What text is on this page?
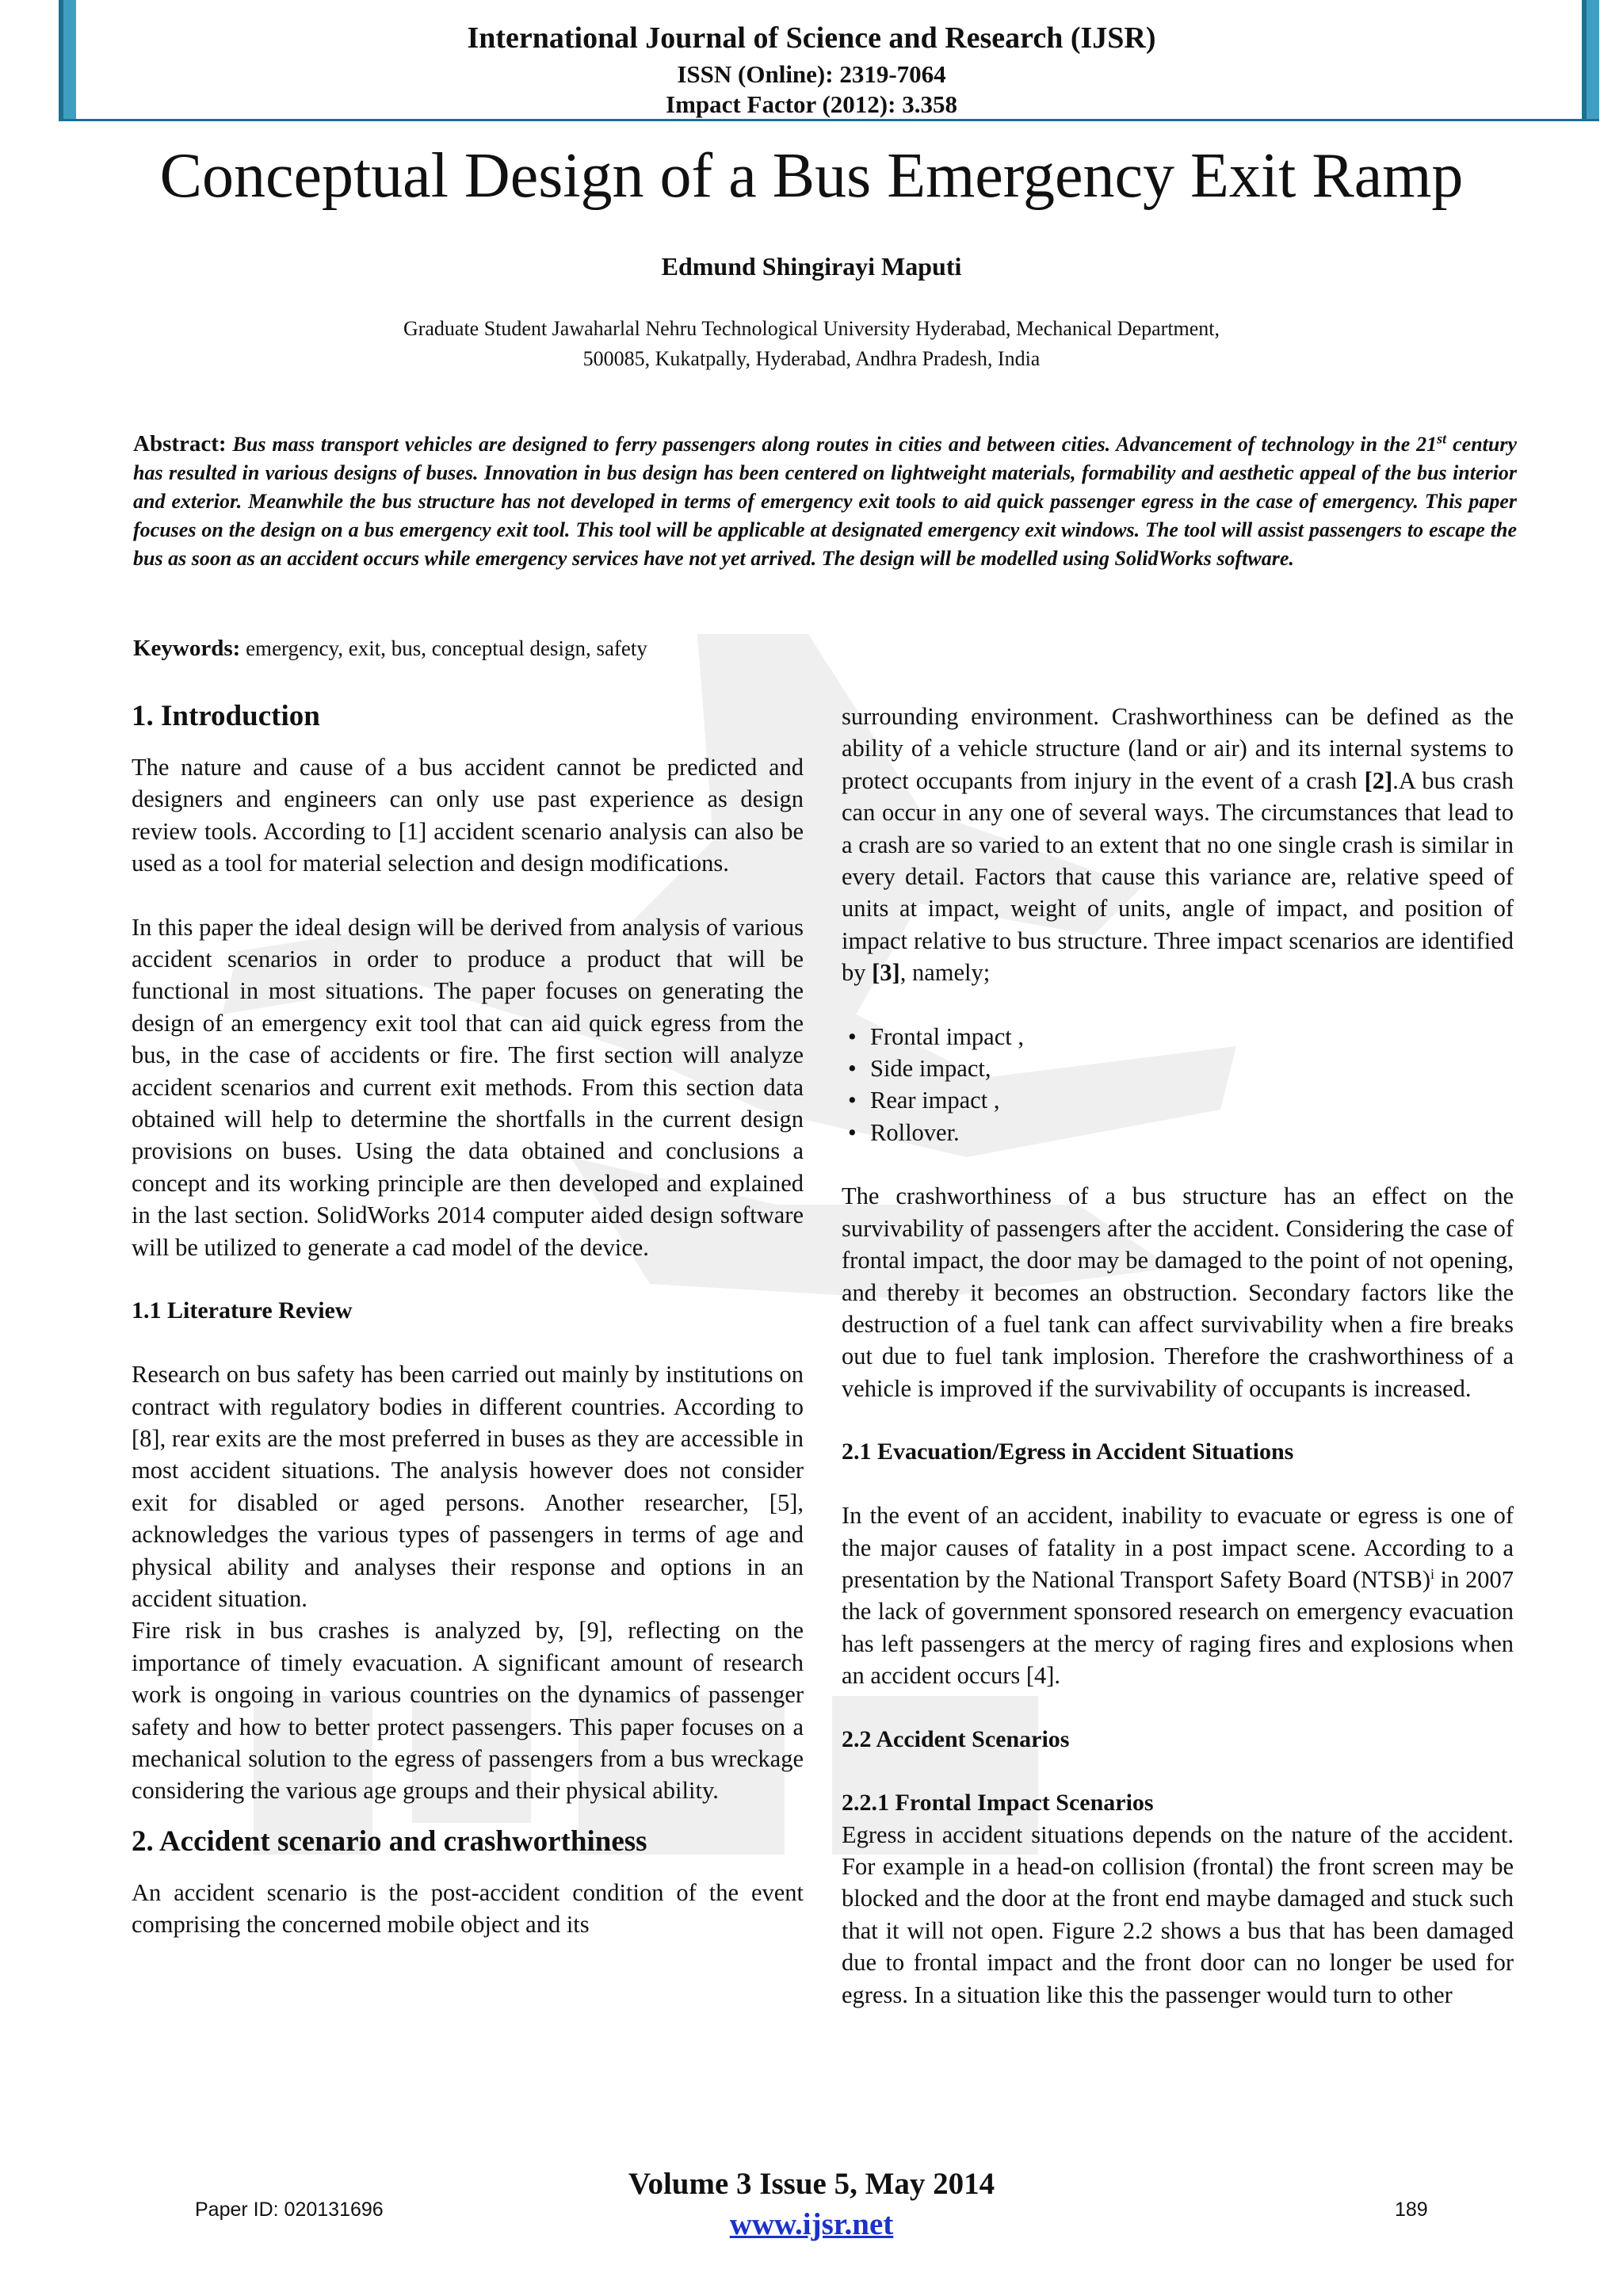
International Journal of Science and Research (IJSR)
ISSN (Online): 2319-7064
Impact Factor (2012): 3.358
Conceptual Design of a Bus Emergency Exit Ramp
Edmund Shingirayi Maputi
Graduate Student Jawaharlal Nehru Technological University Hyderabad, Mechanical Department,
500085, Kukatpally, Hyderabad, Andhra Pradesh, India
Abstract: Bus mass transport vehicles are designed to ferry passengers along routes in cities and between cities. Advancement of technology in the 21st century has resulted in various designs of buses. Innovation in bus design has been centered on lightweight materials, formability and aesthetic appeal of the bus interior and exterior. Meanwhile the bus structure has not developed in terms of emergency exit tools to aid quick passenger egress in the case of emergency. This paper focuses on the design on a bus emergency exit tool. This tool will be applicable at designated emergency exit windows. The tool will assist passengers to escape the bus as soon as an accident occurs while emergency services have not yet arrived. The design will be modelled using SolidWorks software.
Keywords: emergency, exit, bus, conceptual design, safety
1. Introduction

The nature and cause of a bus accident cannot be predicted and designers and engineers can only use past experience as design review tools. According to [1] accident scenario analysis can also be used as a tool for material selection and design modifications.

In this paper the ideal design will be derived from analysis of various accident scenarios in order to produce a product that will be functional in most situations. The paper focuses on generating the design of an emergency exit tool that can aid quick egress from the bus, in the case of accidents or fire. The first section will analyze accident scenarios and current exit methods. From this section data obtained will help to determine the shortfalls in the current design provisions on buses. Using the data obtained and conclusions a concept and its working principle are then developed and explained in the last section. SolidWorks 2014 computer aided design software will be utilized to generate a cad model of the device.

1.1 Literature Review

Research on bus safety has been carried out mainly by institutions on contract with regulatory bodies in different countries. According to [8], rear exits are the most preferred in buses as they are accessible in most accident situations. The analysis however does not consider exit for disabled or aged persons. Another researcher, [5], acknowledges the various types of passengers in terms of age and physical ability and analyses their response and options in an accident situation.

Fire risk in bus crashes is analyzed by, [9], reflecting on the importance of timely evacuation. A significant amount of research work is ongoing in various countries on the dynamics of passenger safety and how to better protect passengers. This paper focuses on a mechanical solution to the egress of passengers from a bus wreckage considering the various age groups and their physical ability.

2. Accident scenario and crashworthiness

An accident scenario is the post-accident condition of the event comprising the concerned mobile object and its

surrounding environment. Crashworthiness can be defined as the ability of a vehicle structure (land or air) and its internal systems to protect occupants from injury in the event of a crash [2].A bus crash can occur in any one of several ways. The circumstances that lead to a crash are so varied to an extent that no one single crash is similar in every detail. Factors that cause this variance are, relative speed of units at impact, weight of units, angle of impact, and position of impact relative to bus structure. Three impact scenarios are identified by [3], namely;

• Frontal impact ,
• Side impact,
• Rear impact ,
• Rollover.

The crashworthiness of a bus structure has an effect on the survivability of passengers after the accident. Considering the case of frontal impact, the door may be damaged to the point of not opening, and thereby it becomes an obstruction. Secondary factors like the destruction of a fuel tank can affect survivability when a fire breaks out due to fuel tank implosion. Therefore the crashworthiness of a vehicle is improved if the survivability of occupants is increased.

2.1 Evacuation/Egress in Accident Situations

In the event of an accident, inability to evacuate or egress is one of the major causes of fatality in a post impact scene. According to a presentation by the National Transport Safety Board (NTSB)$^i$ in 2007 the lack of government sponsored research on emergency evacuation has left passengers at the mercy of raging fires and explosions when an accident occurs [4].

2.2 Accident Scenarios
2.2.1 Frontal Impact Scenarios

Egress in accident situations depends on the nature of the accident. For example in a head-on collision (frontal) the front screen may be blocked and the door at the front end maybe damaged and stuck such that it will not open. Figure 2.2 shows a bus that has been damaged due to frontal impact and the front door can no longer be used for egress. In a situation like this the passenger would turn to other

Volume 3 Issue 5, May 2014
www.ijsr.net
Paper ID: 020131696	189
